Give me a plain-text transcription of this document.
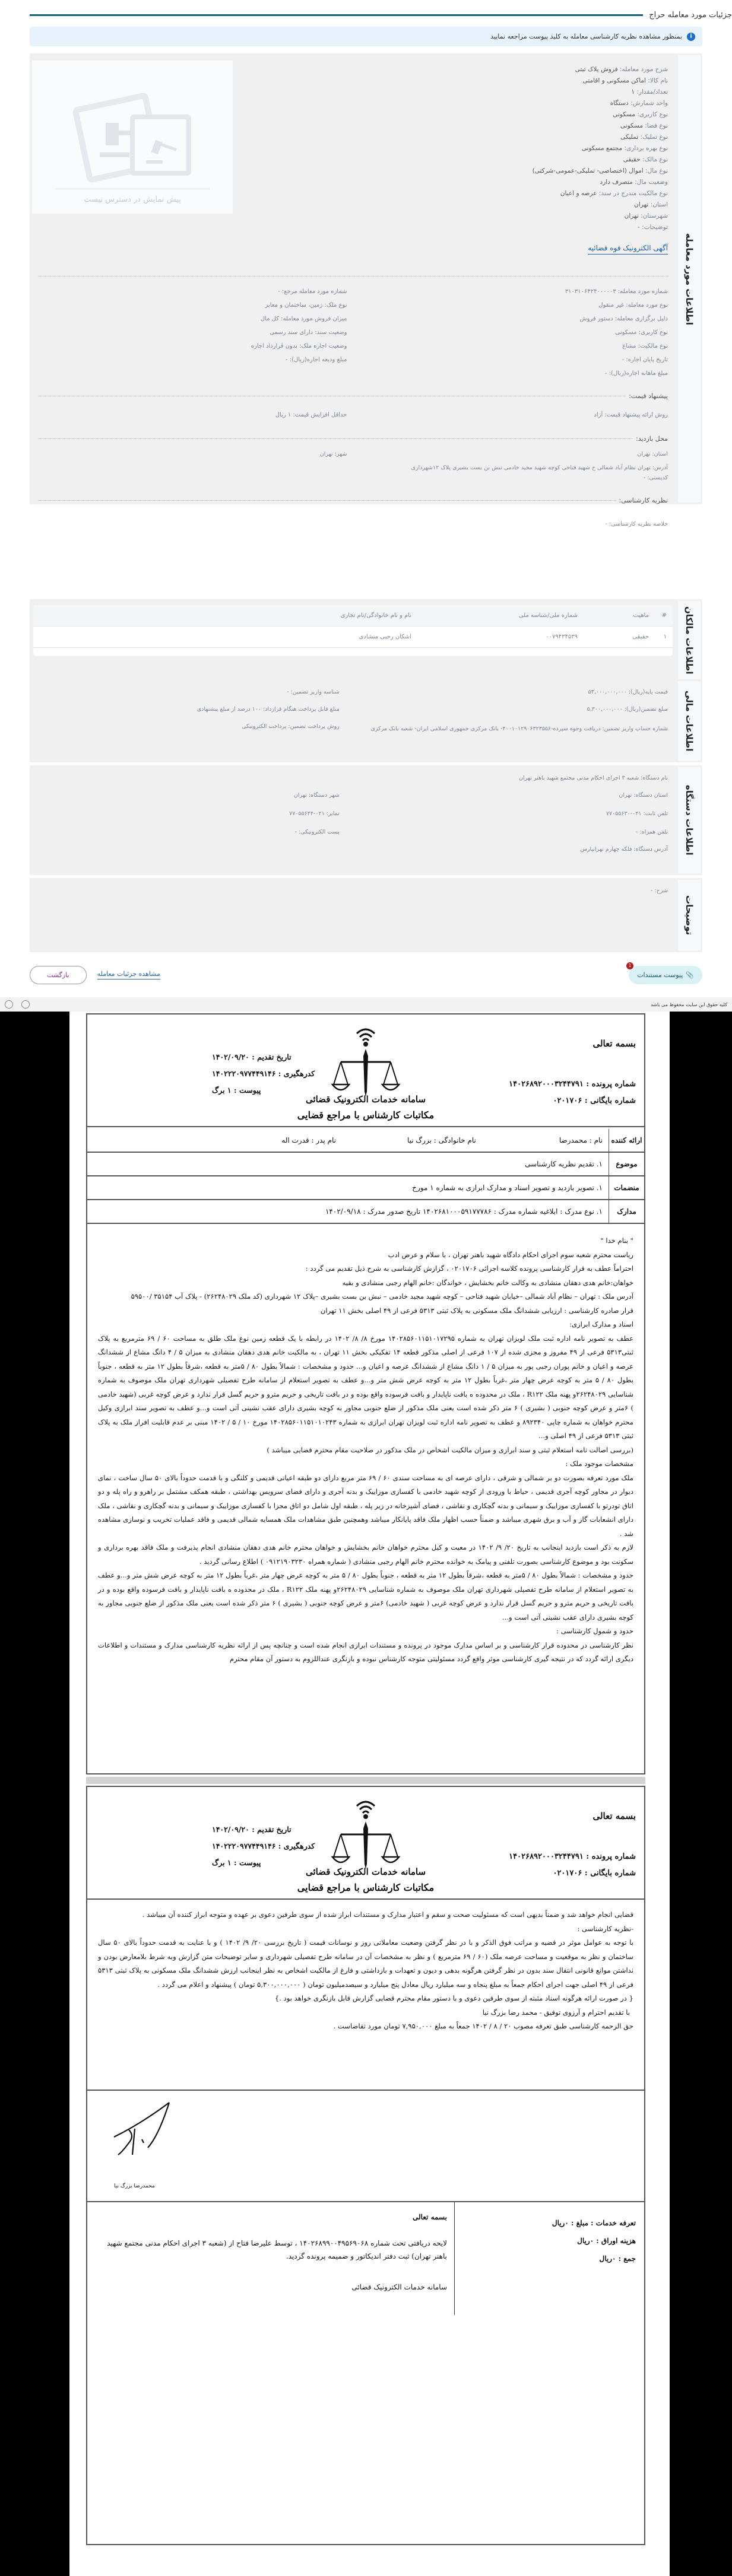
جزئیات مورد معامله حراج
i
بمنظور مشاهده نظریه کارشناسی معامله به کلید پیوست مراجعه نمایید
اطلاعات مورد معامله
شرح مورد معامله: فروش پلاک ثبتی
نام کالا: اماکن مسکونی و اقامتی
تعداد/مقدار: ۱
واحد شمارش: دستگاه
نوع کاربری: مسکونی
نوع فضا: مسکونی
نوع تملیک: تملیکی
نوع بهره برداری: مجتمع مسکونی
نوع مالک: حقیقی
نوع مال: اموال (اختصاصی- تملیکی-عمومی-شرکتی)
وضعیت مال: متصرف دارد
نوع مالکیت مندرج در سند: عرصه و اعیان
استان: تهران
شهرستان: تهران
توضیحات: -
آگهی الکترونیک قوه قضائیه
پیش نمایش در دسترس نیست
شماره مورد معامله: ۳۱۰۳۱۰۶۴۲۴۰۰۰۰۰۳
شماره مورد معامله مرجع: -
نوع مورد معامله: غیر منقول
نوع ملک: زمین، ساختمان و معابر
دلیل برگزاری معامله: دستور فروش
میزان فروش مورد معامله: کل مال
نوع کاربری: مسکونی
وضعیت سند: دارای سند رسمی
نوع مالکیت: مشاع
وضعیت اجاره ملک: بدون قرارداد اجاره
تاریخ پایان اجاره: -
مبلغ ودیعه اجاره(ریال): -
مبلغ ماهانه اجاره(ریال): -
پیشنهاد قیمت:
روش ارائه پیشنهاد قیمت: آزاد
حداقل افزایش قیمت: ۱ ریال
محل بازدید:
استان: تهران
شهر: تهران
آدرس: تهران نظام آباد شمالی خ شهید فتاحی کوچه شهید مجید خادمی نبش بن بست بشیری پلاک ۱۲شهرداری
کدپستی: -
نظریه کارشناسی:
خلاصه نظریه کارشناسی: -
اطلاعات مالکان
#	ماهیت	شماره ملی/شناسه ملی	نام و نام خانوادگی/نام تجاری
۱	حقیقی	۰۰۷۹۴۳۴۵۳۹	اشکان رجبی منشادی

اطلاعات مالی
قیمت پایه(ریال): ۵۳,۰۰۰,۰۰۰,۰۰۰
شناسه واریز تضمین: -
مبلغ تضمین(ریال): ۵,۳۰۰,۰۰۰,۰۰۰
مبلغ قابل پرداخت هنگام قرارداد: ۱۰۰ درصد از مبلغ پیشنهادی
شماره حساب واریز تضمین: دریافت وجوه سپرده-۴۰۰۱۰۱۲۹۰۶۳۲۳۵۵۶- بانک مرکزی جمهوری اسلامی ایران- شعبه بانک مرکزی
روش پرداخت تضمین: پرداخت الکترونیکی
اطلاعات دستگاه
نام دستگاه: شعبه ۳ اجرای احکام مدنی مجتمع شهید باهنر تهران
استان دستگاه: تهران
شهر دستگاه: تهران
تلفن ثابت: ۰۲۱-۷۷۰۵۵۶۳۰
نمابر: ۰۲۱-۷۷۰۵۵۶۴۴
تلفن همراه: -
پست الکترونیکی: -
آدرس دستگاه: فلکه چهارم تهرانپارس
توضیحات
شرح: -
📎
پیوست مستندات
1
بازگشت	مشاهده جزئیات معامله
کلیه حقوق این سایت محفوظ می باشد
بسمه تعالی
شماره پرونده : ۱۴۰۲۶۸۹۲۰۰۰۳۲۴۴۷۹۱
شماره بایگانی : ۰۲۰۱۷۰۶
تاریخ تقدیم : ۱۴۰۲/۰۹/۲۰
کدرهگیری : ۱۴۰۲۲۲۰۹۷۷۴۴۹۱۴۶
پیوست : ۱ برگ
سامانه خدمات الکترونیک قضائی
مکاتبات کارشناس با مراجع قضایی
ارائه کننده
نام : محمدرضا
نام خانوادگی : بزرگ نیا
نام پدر : قدرت اله
موضوع
۱. تقدیم نظریه کارشناسی
منضمات
۱. تصویر بازدید و تصویر اسناد و مدارک ابرازی به شماره ۱ مورخ
مدارک
۱. نوع مدرک : ابلاغیه شماره مدرک : ۱۴۰۲۶۸۱۰۰۰۵۹۱۷۷۷۸۶ تاریخ صدور مدرک : ۱۴۰۲/۰۹/۱۸

" بنام خدا "

ریاست محترم شعبه سوم اجرای احکام دادگاه شهید باهنر تهران ، با سلام و عرض ادب

احتراماً عطف به قرار کارشناسی پرونده کلاسه اجرائی ۰۲۰۱۷۰۶ ، گزارش کارشناسی به شرح ذیل تقدیم می گردد :

خواهان:خانم هدی دهقان منشادی به وکالت خانم بخشایش ، خواندگان :خانم الهام رجبی منشادی و بقیه

آدرس ملک : تهران – نظام آباد شمالی –خیابان شهید فتاحی – کوچه شهید مجید خادمی – نبش بن بست بشیری –پلاک ۱۲ شهرداری (کد ملک ۲۶۲۴۸۰۲۹) - پلاک آب ۳۵۱۵۴ /۵۹۵۰۰

قرار صادره کارشناسی : ارزیابی ششدانگ ملک مسکونی به پلاک ثبتی ۵۳۱۳ فرعی از ۴۹ اصلی بخش ۱۱ تهران

اسناد و مدارک ابرازی:

عطف به تصویر نامه اداره ثبت ملک لویزان تهران به شماره ۱۴۰۲۸۵۶۰۱۱۵۱۰۱۷۲۹۵ مورخ ۸/ ۸/ ۱۴۰۲ در رابطه با یک قطعه زمین نوع ملک طلق به مساحت ۶۰ / ۶۹ مترمربع به پلاک ثبتی۵۳۱۳ فرعی از ۴۹ مفروز و مجزی شده از ۱۰۷ فرعی از اصلی مذکور قطعه ۱۴ تفکیکی بخش ۱۱ تهران ، به مالکیت خانم هدی دهقان منشادی به میزان ۵ / ۴ دانگ مشاع از ششدانگ عرصه و اعیان و خانم پوران رجبی پور به میزان ۵ / ۱ دانگ مشاع از ششدانگ عرصه و اعیان و... حدود و مشخصات : شمالاً بطول ۸۰ / ۵متر به قطعه ،شرقاً بطول ۱۲ متر به قطعه ، جنوباً بطول ۸۰ / ۵ متر به کوچه عرض چهار متر ،غرباً بطول ۱۲ متر به کوچه عرض شش متر و...و عطف به تصویر استعلام از سامانه طرح تفصیلی شهرداری تهران ملک موصوف به شماره شناسایی ۲۶۲۴۸۰۲۹و پهنه ملک R۱۲۲ ، ملک در محدوده ه بافت ناپایدار و بافت فرسوده واقع بوده و در بافت تاریخی و حریم مترو و حریم گسل قرار ندارد و عرض کوچه غربی (شهید خادمی ) ۶متر و عرض کوچه جنوبی ( بشیری ) ۶ متر ذکر شده است یعنی ملک مذکور از ضلع جنوبی مجاور به کوچه بشیری دارای عقب نشینی آتی است و...و عطف به تصویر سند ابرازی وکیل محترم خواهان به شماره چاپی ۸۹۲۳۴۰ و عطف به تصویر نامه اداره ثبت لویزان تهران ابرازی به شماره ۱۴۰۲۸۵۶۰۱۱۵۱۰۱۰۲۴۳ مورخ ۱۰ / ۵ / ۱۴۰۲ مبنی بر عدم قابلیت افراز ملک به پلاک ثبتی ۵۳۱۳ فرعی از ۴۹ اصلی و...

(بررسی اصالت نامه استعلام ثبتی و سند ابرازی و میزان مالکیت اشخاص در ملک مذکور در صلاحیت مقام محترم قضایی میباشد )

مشخصات موجود ملک :

ملک مورد تعرفه بصورت دو بر شمالی و شرقی ، دارای عرصه ای به مساحت سندی ۶۰ / ۶۹ متر مربع دارای دو طبقه اعیانی قدیمی و کلنگی و با قدمت حدوداً بالای ۵۰ سال ساخت ، نمای دیوار در مجاور کوچه آجری قدیمی ، حیاط با ورودی از کوچه شهید خادمی با کفسازی موزاییک و بدنه آجری و دارای فضای سرویس بهداشتی ، طبقه همکف مشتمل بر راهرو و راه پله و دو اتاق تودرتو با کفسازی موزاییک و سیمانی و بدنه گچکاری و نقاشی ، فضای آشپزخانه در زیر پله ، طبقه اول شامل دو اتاق مجزا با کفسازی موزاییک و سیمانی و بدنه گچکاری و نقاشی ، ملک دارای انشعابات گاز و آب و برق شهری میباشد و ضمناً حسب اظهار ملک فاقد پایانکار میباشد وهمچنین طبق مشاهدات ملک همسایه شمالی قدیمی و فاقد عملیات تخریب و نوسازی مشاهده شد .

لازم به ذکر است بازدید اینجانب به تاریخ ۲۰/ ۹/ ۱۴۰۲ در معیت و کیل محترم خواهان خانم بخشایش و خواهان محترم خانم هدی دهقان منشادی انجام پذیرفت و ملک فاقد بهره برداری و سکونت بود و موضوع کارشناسی بصورت تلفنی و پیامک به خوانده محترم خانم الهام رجبی منشادی ( شماره همراه ۰۹۱۲۱۹۰۳۲۳۰ ) اطلاع رسانی گردید .

حدود و مشخصات : شمالاً بطول ۸۰ / ۵متر به قطعه ،شرقاً بطول ۱۲ متر به قطعه ، جنوباً بطول ۸۰ / ۵ متر به کوچه عرض چهار متر ،غرباً بطول ۱۲ متر به کوچه عرض شش متر و...و عطف به تصویر استعلام از سامانه طرح تفصیلی شهرداری تهران ملک موصوف به شماره شناسایی ۲۶۲۴۸۰۲۹و پهنه ملک R۱۲۲ ، ملک در محدوده ه بافت ناپایدار و بافت فرسوده واقع بوده و در بافت تاریخی و حریم مترو و حریم گسل قرار ندارد و عرض کوچه غربی ( شهید خادمی) ۶متر و عرض کوچه جنوبی ( بشیری ) ۶ متر ذکر شده است یعنی ملک مذکور از ضلع جنوبی مجاور به کوچه بشیری دارای عقب نشینی آتی است و...

حدود و شمول کارشناسی :

نظر کارشناسی در محدوده قرار کارشناسی و بر اساس مدارک موجود در پرونده و مستندات ابرازی انجام شده است و چنانچه پس از ارائه نظریه کارشناسی مدارک و مستندات و اطلاعات دیگری ارائه گردد که در نتیجه گیری کارشناسی موثر واقع گردد مسئولیتی متوجه کارشناس نبوده و بازنگری عنداللزوم به دستور آن مقام محترم

بسمه تعالی
شماره پرونده : ۱۴۰۲۶۸۹۲۰۰۰۳۲۴۴۷۹۱
شماره بایگانی : ۰۲۰۱۷۰۶
تاریخ تقدیم : ۱۴۰۲/۰۹/۲۰
کدرهگیری : ۱۴۰۲۲۲۰۹۷۷۴۴۹۱۴۶
پیوست : ۱ برگ
سامانه خدمات الکترونیک قضائی
مکاتبات کارشناس با مراجع قضایی

قضایی انجام خواهد شد و ضمناً بدیهی است که مسئولیت صحت و سقم و اعتبار مدارک و مستندات ابراز شده از سوی طرفین دعوی بر عهده و متوجه ابراز کننده آن میباشد .

-نظریه کارشناسی :

با توجه به عوامل موثر در قضیه و مراتب فوق الذکر و با در نظر گرفتن وضعیت معاملاتی روز و نوسانات قیمت ( تاریخ بررسی ۲۰/ ۹/ ۱۴۰۲ ) و با عنایت به قدمت حدوداً بالای ۵۰ سال ساختمان و نظر به موقعیت و مساحت عرصه ملک (۶۰ / ۶۹ مترمربع ) و نظر به مشخصات آن در سامانه طرح تفصیلی شهرداری و سایر توضیحات متن گزارش وبه شرط بلامعارض بودن و نداشتن موانع قانونی انتقال سند بدون در نظر گرفتن هرگونه بدهی و دیون و تعهدات و بازداشتی و فارغ از مالکیت اشخاص به نظر اینجانب ارزش ششدانگ ملک مسکونی به پلاک ثبتی ۵۳۱۳ فرعی از ۴۹ اصلی جهت اجرای احکام جمعاً به مبلغ پنجاه و سه میلیارد ریال معادل پنج میلیارد و سیصدمیلیون تومان ( ۵,۳۰۰,۰۰۰,۰۰۰ تومان ) پیشنهاد و اعلام می گردد .

{ در صورت ارائه هرگونه اسناد مثبته از سوی طرفین دعوی و با دستور مقام محترم قضایی گزارش قابل بازنگری خواهد بود .}

با تقدیم احترام و آرزوی توفیق - محمد رضا بزرگ نیا

حق الزحمه کارشناسی طبق تعرفه مصوب ۲۰ / ۸ / ۱۴۰۲ جمعاً به مبلغ ۷,۹۵۰,۰۰۰ تومان مورد تقاضاست .

محمدرضا بزرگ نیا
تعرفه خدمات : مبلغ : ۰ریال
هزینه اوراق : ۰ریال
جمع : ۰ریال
بسمه تعالی
لایحه دریافتی تحت شماره ۱۴۰۲۶۸۹۹۰۰۴۹۵۶۹۰۶۸ ، توسط علیرضا فتاح از (شعبه ۳ اجرای احکام مدنی مجتمع شهید باهنر تهران) ثبت دفتر اندیکاتور و ضمیمه پرونده گردید.
سامانه خدمات الکترونیک قضائی
